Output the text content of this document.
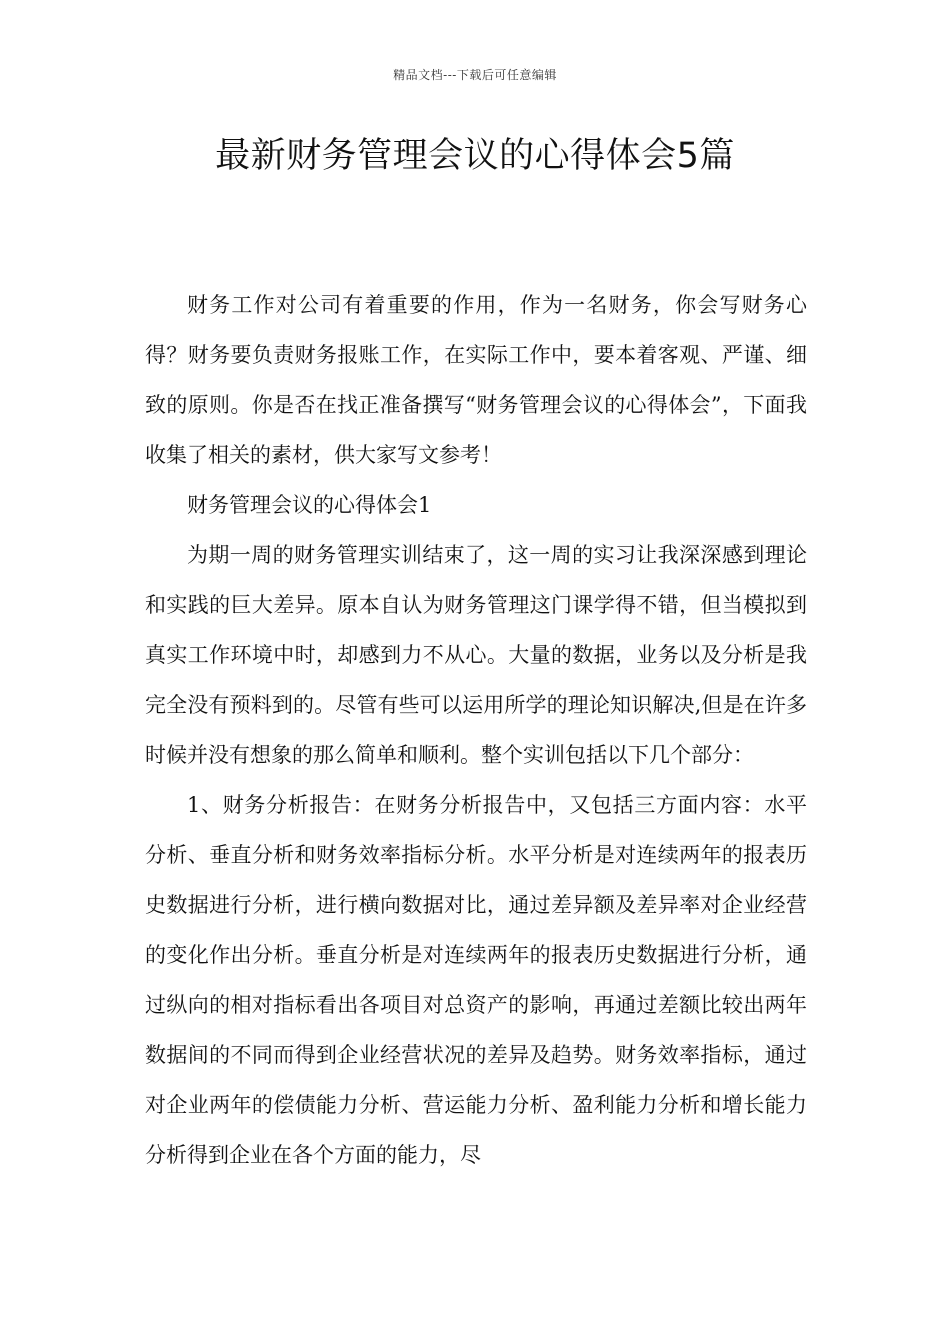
精品文档---下载后可任意编辑
最新财务管理会议的心得体会5篇

财务工作对公司有着重要的作用，作为一名财务，你会写财务心得？财务要负责财务报账工作，在实际工作中，要本着客观、严谨、细致的原则。你是否在找正准备撰写“财务管理会议的心得体会”，下面我收集了相关的素材，供大家写文参考！

财务管理会议的心得体会1

为期一周的财务管理实训结束了，这一周的实习让我深深感到理论和实践的巨大差异。原本自认为财务管理这门课学得不错，但当模拟到真实工作环境中时，却感到力不从心。大量的数据，业务以及分析是我完全没有预料到的。尽管有些可以运用所学的理论知识解决,但是在许多时候并没有想象的那么简单和顺利。整个实训包括以下几个部分：

1、财务分析报告：在财务分析报告中，又包括三方面内容：水平分析、垂直分析和财务效率指标分析。水平分析是对连续两年的报表历史数据进行分析，进行横向数据对比，通过差异额及差异率对企业经营的变化作出分析。垂直分析是对连续两年的报表历史数据进行分析，通过纵向的相对指标看出各项目对总资产的影响，再通过差额比较出两年数据间的不同而得到企业经营状况的差异及趋势。财务效率指标，通过对企业两年的偿债能力分析、营运能力分析、盈利能力分析和增长能力分析得到企业在各个方面的能力，尽
